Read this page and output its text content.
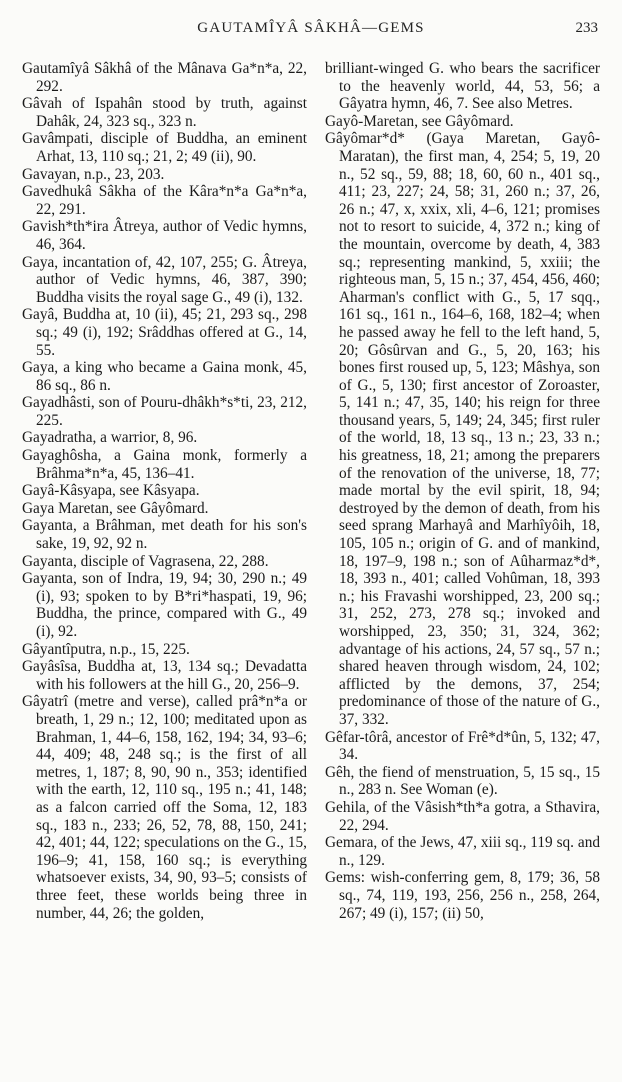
GAUTAMÎYÂ SÂKHÂ—GEMS	233

Gautamîyâ Sâkhâ of the Mânava Ga*n*a, 22, 292.

Gâvah of Ispahân stood by truth, against Dahâk, 24, 323 sq., 323 n.

Gavâmpati, disciple of Buddha, an eminent Arhat, 13, 110 sq.; 21, 2; 49 (ii), 90.

Gavayan, n.p., 23, 203.

Gavedhukâ Sâkha of the Kâra*n*a Ga*n*a, 22, 291.

Gavish*th*ira Âtreya, author of Vedic hymns, 46, 364.

Gaya, incantation of, 42, 107, 255; G. Âtreya, author of Vedic hymns, 46, 387, 390; Buddha visits the royal sage G., 49 (i), 132.

Gayâ, Buddha at, 10 (ii), 45; 21, 293 sq., 298 sq.; 49 (i), 192; Srâddhas offered at G., 14, 55.

Gaya, a king who became a Gaina monk, 45, 86 sq., 86 n.

Gayadhâsti, son of Pouru-dhâkh*s*ti, 23, 212, 225.

Gayadratha, a warrior, 8, 96.

Gayaghôsha, a Gaina monk, formerly a Brâhma*n*a, 45, 136–41.

Gayâ-Kâsyapa, see Kâsyapa.

Gaya Maretan, see Gâyômard.

Gayanta, a Brâhman, met death for his son's sake, 19, 92, 92 n.

Gayanta, disciple of Vagrasena, 22, 288.

Gayanta, son of Indra, 19, 94; 30, 290 n.; 49 (i), 93; spoken to by B*ri*haspati, 19, 96; Buddha, the prince, compared with G., 49 (i), 92.

Gâyantîputra, n.p., 15, 225.

Gayâsîsa, Buddha at, 13, 134 sq.; Devadatta with his followers at the hill G., 20, 256–9.

Gâyatrî (metre and verse), called prâ*n*a or breath, 1, 29 n.; 12, 100; meditated upon as Brahman, 1, 44–6, 158, 162, 194; 34, 93–6; 44, 409; 48, 248 sq.; is the first of all metres, 1, 187; 8, 90, 90 n., 353; identified with the earth, 12, 110 sq., 195 n.; 41, 148; as a falcon carried off the Soma, 12, 183 sq., 183 n., 233; 26, 52, 78, 88, 150, 241; 42, 401; 44, 122; speculations on the G., 15, 196–9; 41, 158, 160 sq.; is everything whatsoever exists, 34, 90, 93–5; consists of three feet, these worlds being three in number, 44, 26; the golden,

brilliant-winged G. who bears the sacrificer to the heavenly world, 44, 53, 56; a Gâyatra hymn, 46, 7. See also Metres.

Gayô-Maretan, see Gâyômard.

Gâyômar*d* (Gaya Maretan, Gayô-Maratan), the first man, 4, 254; 5, 19, 20 n., 52 sq., 59, 88; 18, 60, 60 n., 401 sq., 411; 23, 227; 24, 58; 31, 260 n.; 37, 26, 26 n.; 47, x, xxix, xli, 4–6, 121; promises not to resort to suicide, 4, 372 n.; king of the mountain, overcome by death, 4, 383 sq.; representing mankind, 5, xxiii; the righteous man, 5, 15 n.; 37, 454, 456, 460; Aharman's conflict with G., 5, 17 sqq., 161 sq., 161 n., 164–6, 168, 182–4; when he passed away he fell to the left hand, 5, 20; Gôsûrvan and G., 5, 20, 163; his bones first roused up, 5, 123; Mâshya, son of G., 5, 130; first ancestor of Zoroaster, 5, 141 n.; 47, 35, 140; his reign for three thousand years, 5, 149; 24, 345; first ruler of the world, 18, 13 sq., 13 n.; 23, 33 n.; his greatness, 18, 21; among the preparers of the renovation of the universe, 18, 77; made mortal by the evil spirit, 18, 94; destroyed by the demon of death, from his seed sprang Marhayâ and Marhîyôih, 18, 105, 105 n.; origin of G. and of mankind, 18, 197–9, 198 n.; son of Aûharmaz*d*, 18, 393 n., 401; called Vohûman, 18, 393 n.; his Fravashi worshipped, 23, 200 sq.; 31, 252, 273, 278 sq.; invoked and worshipped, 23, 350; 31, 324, 362; advantage of his actions, 24, 57 sq., 57 n.; shared heaven through wisdom, 24, 102; afflicted by the demons, 37, 254; predominance of those of the nature of G., 37, 332.

Gêfar-tôrâ, ancestor of Frê*d*ûn, 5, 132; 47, 34.

Gêh, the fiend of menstruation, 5, 15 sq., 15 n., 283 n. See Woman (e).

Gehila, of the Vâsish*th*a gotra, a Sthavira, 22, 294.

Gemara, of the Jews, 47, xiii sq., 119 sq. and n., 129.

Gems: wish-conferring gem, 8, 179; 36, 58 sq., 74, 119, 193, 256, 256 n., 258, 264, 267; 49 (i), 157; (ii) 50,
